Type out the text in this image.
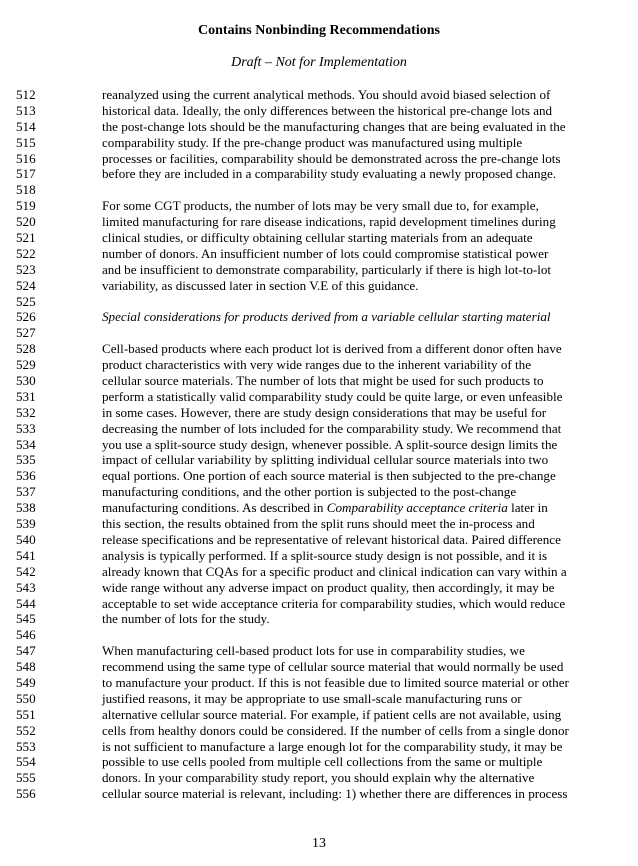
Contains Nonbinding Recommendations
Draft – Not for Implementation
512	reanalyzed using the current analytical methods. You should avoid biased selection of
513	historical data. Ideally, the only differences between the historical pre-change lots and
514	the post-change lots should be the manufacturing changes that are being evaluated in the
515	comparability study. If the pre-change product was manufactured using multiple
516	processes or facilities, comparability should be demonstrated across the pre-change lots
517	before they are included in a comparability study evaluating a newly proposed change.
518
519	For some CGT products, the number of lots may be very small due to, for example,
520	limited manufacturing for rare disease indications, rapid development timelines during
521	clinical studies, or difficulty obtaining cellular starting materials from an adequate
522	number of donors. An insufficient number of lots could compromise statistical power
523	and be insufficient to demonstrate comparability, particularly if there is high lot-to-lot
524	variability, as discussed later in section V.E of this guidance.
525
526	Special considerations for products derived from a variable cellular starting material
527
528	Cell-based products where each product lot is derived from a different donor often have
529	product characteristics with very wide ranges due to the inherent variability of the
530	cellular source materials. The number of lots that might be used for such products to
531	perform a statistically valid comparability study could be quite large, or even unfeasible
532	in some cases. However, there are study design considerations that may be useful for
533	decreasing the number of lots included for the comparability study. We recommend that
534	you use a split-source study design, whenever possible. A split-source design limits the
535	impact of cellular variability by splitting individual cellular source materials into two
536	equal portions. One portion of each source material is then subjected to the pre-change
537	manufacturing conditions, and the other portion is subjected to the post-change
538	manufacturing conditions. As described in Comparability acceptance criteria later in
539	this section, the results obtained from the split runs should meet the in-process and
540	release specifications and be representative of relevant historical data. Paired difference
541	analysis is typically performed. If a split-source study design is not possible, and it is
542	already known that CQAs for a specific product and clinical indication can vary within a
543	wide range without any adverse impact on product quality, then accordingly, it may be
544	acceptable to set wide acceptance criteria for comparability studies, which would reduce
545	the number of lots for the study.
546
547	When manufacturing cell-based product lots for use in comparability studies, we
548	recommend using the same type of cellular source material that would normally be used
549	to manufacture your product. If this is not feasible due to limited source material or other
550	justified reasons, it may be appropriate to use small-scale manufacturing runs or
551	alternative cellular source material. For example, if patient cells are not available, using
552	cells from healthy donors could be considered. If the number of cells from a single donor
553	is not sufficient to manufacture a large enough lot for the comparability study, it may be
554	possible to use cells pooled from multiple cell collections from the same or multiple
555	donors. In your comparability study report, you should explain why the alternative
556	cellular source material is relevant, including: 1) whether there are differences in process
13
